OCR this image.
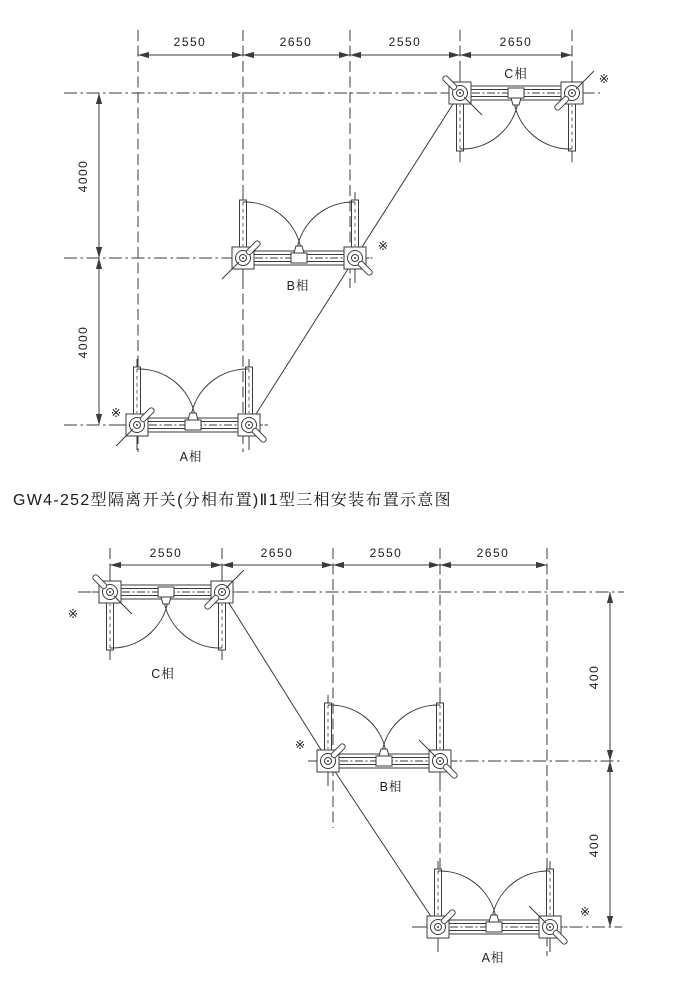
2550	2650	2550	2650
4000
4000
A相
B相
C相
※
※
※
GW4-252型隔离开关(分相布置)Ⅱ1型三相安装布置示意图
2550	2650	2550	2650
400
400
C相
B相
A相
※
※
※
